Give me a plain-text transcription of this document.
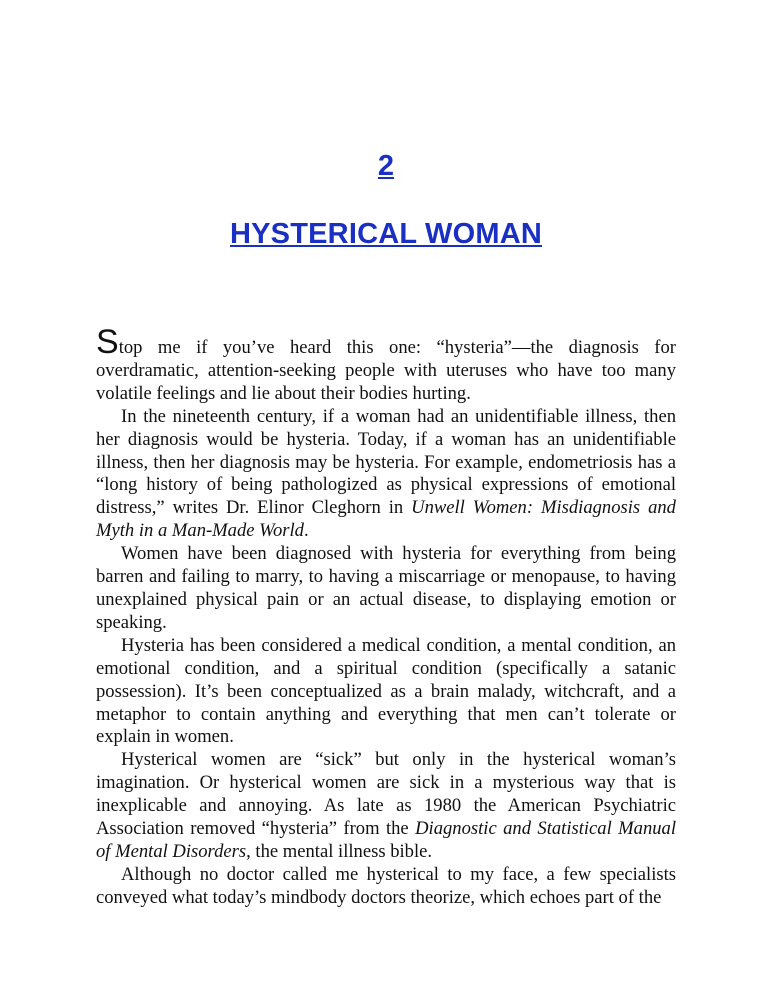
2
HYSTERICAL WOMAN

Stop me if you’ve heard this one: “hysteria”—the diagnosis for overdramatic, attention-seeking people with uteruses who have too many volatile feelings and lie about their bodies hurting.

In the nineteenth century, if a woman had an unidentifiable illness, then her diagnosis would be hysteria. Today, if a woman has an unidentifiable illness, then her diagnosis may be hysteria. For example, endometriosis has a “long history of being pathologized as physical expressions of emotional distress,” writes Dr. Elinor Cleghorn in Unwell Women: Misdiagnosis and Myth in a Man-Made World.

Women have been diagnosed with hysteria for everything from being barren and failing to marry, to having a miscarriage or menopause, to having unexplained physical pain or an actual disease, to displaying emotion or speaking.

Hysteria has been considered a medical condition, a mental condition, an emotional condition, and a spiritual condition (specifically a satanic possession). It’s been conceptualized as a brain malady, witchcraft, and a metaphor to contain anything and everything that men can’t tolerate or explain in women.

Hysterical women are “sick” but only in the hysterical woman’s imagination. Or hysterical women are sick in a mysterious way that is inexplicable and annoying. As late as 1980 the American Psychiatric Association removed “hysteria” from the Diagnostic and Statistical Manual of Mental Disorders, the mental illness bible.

Although no doctor called me hysterical to my face, a few specialists conveyed what today’s mindbody doctors theorize, which echoes part of the
